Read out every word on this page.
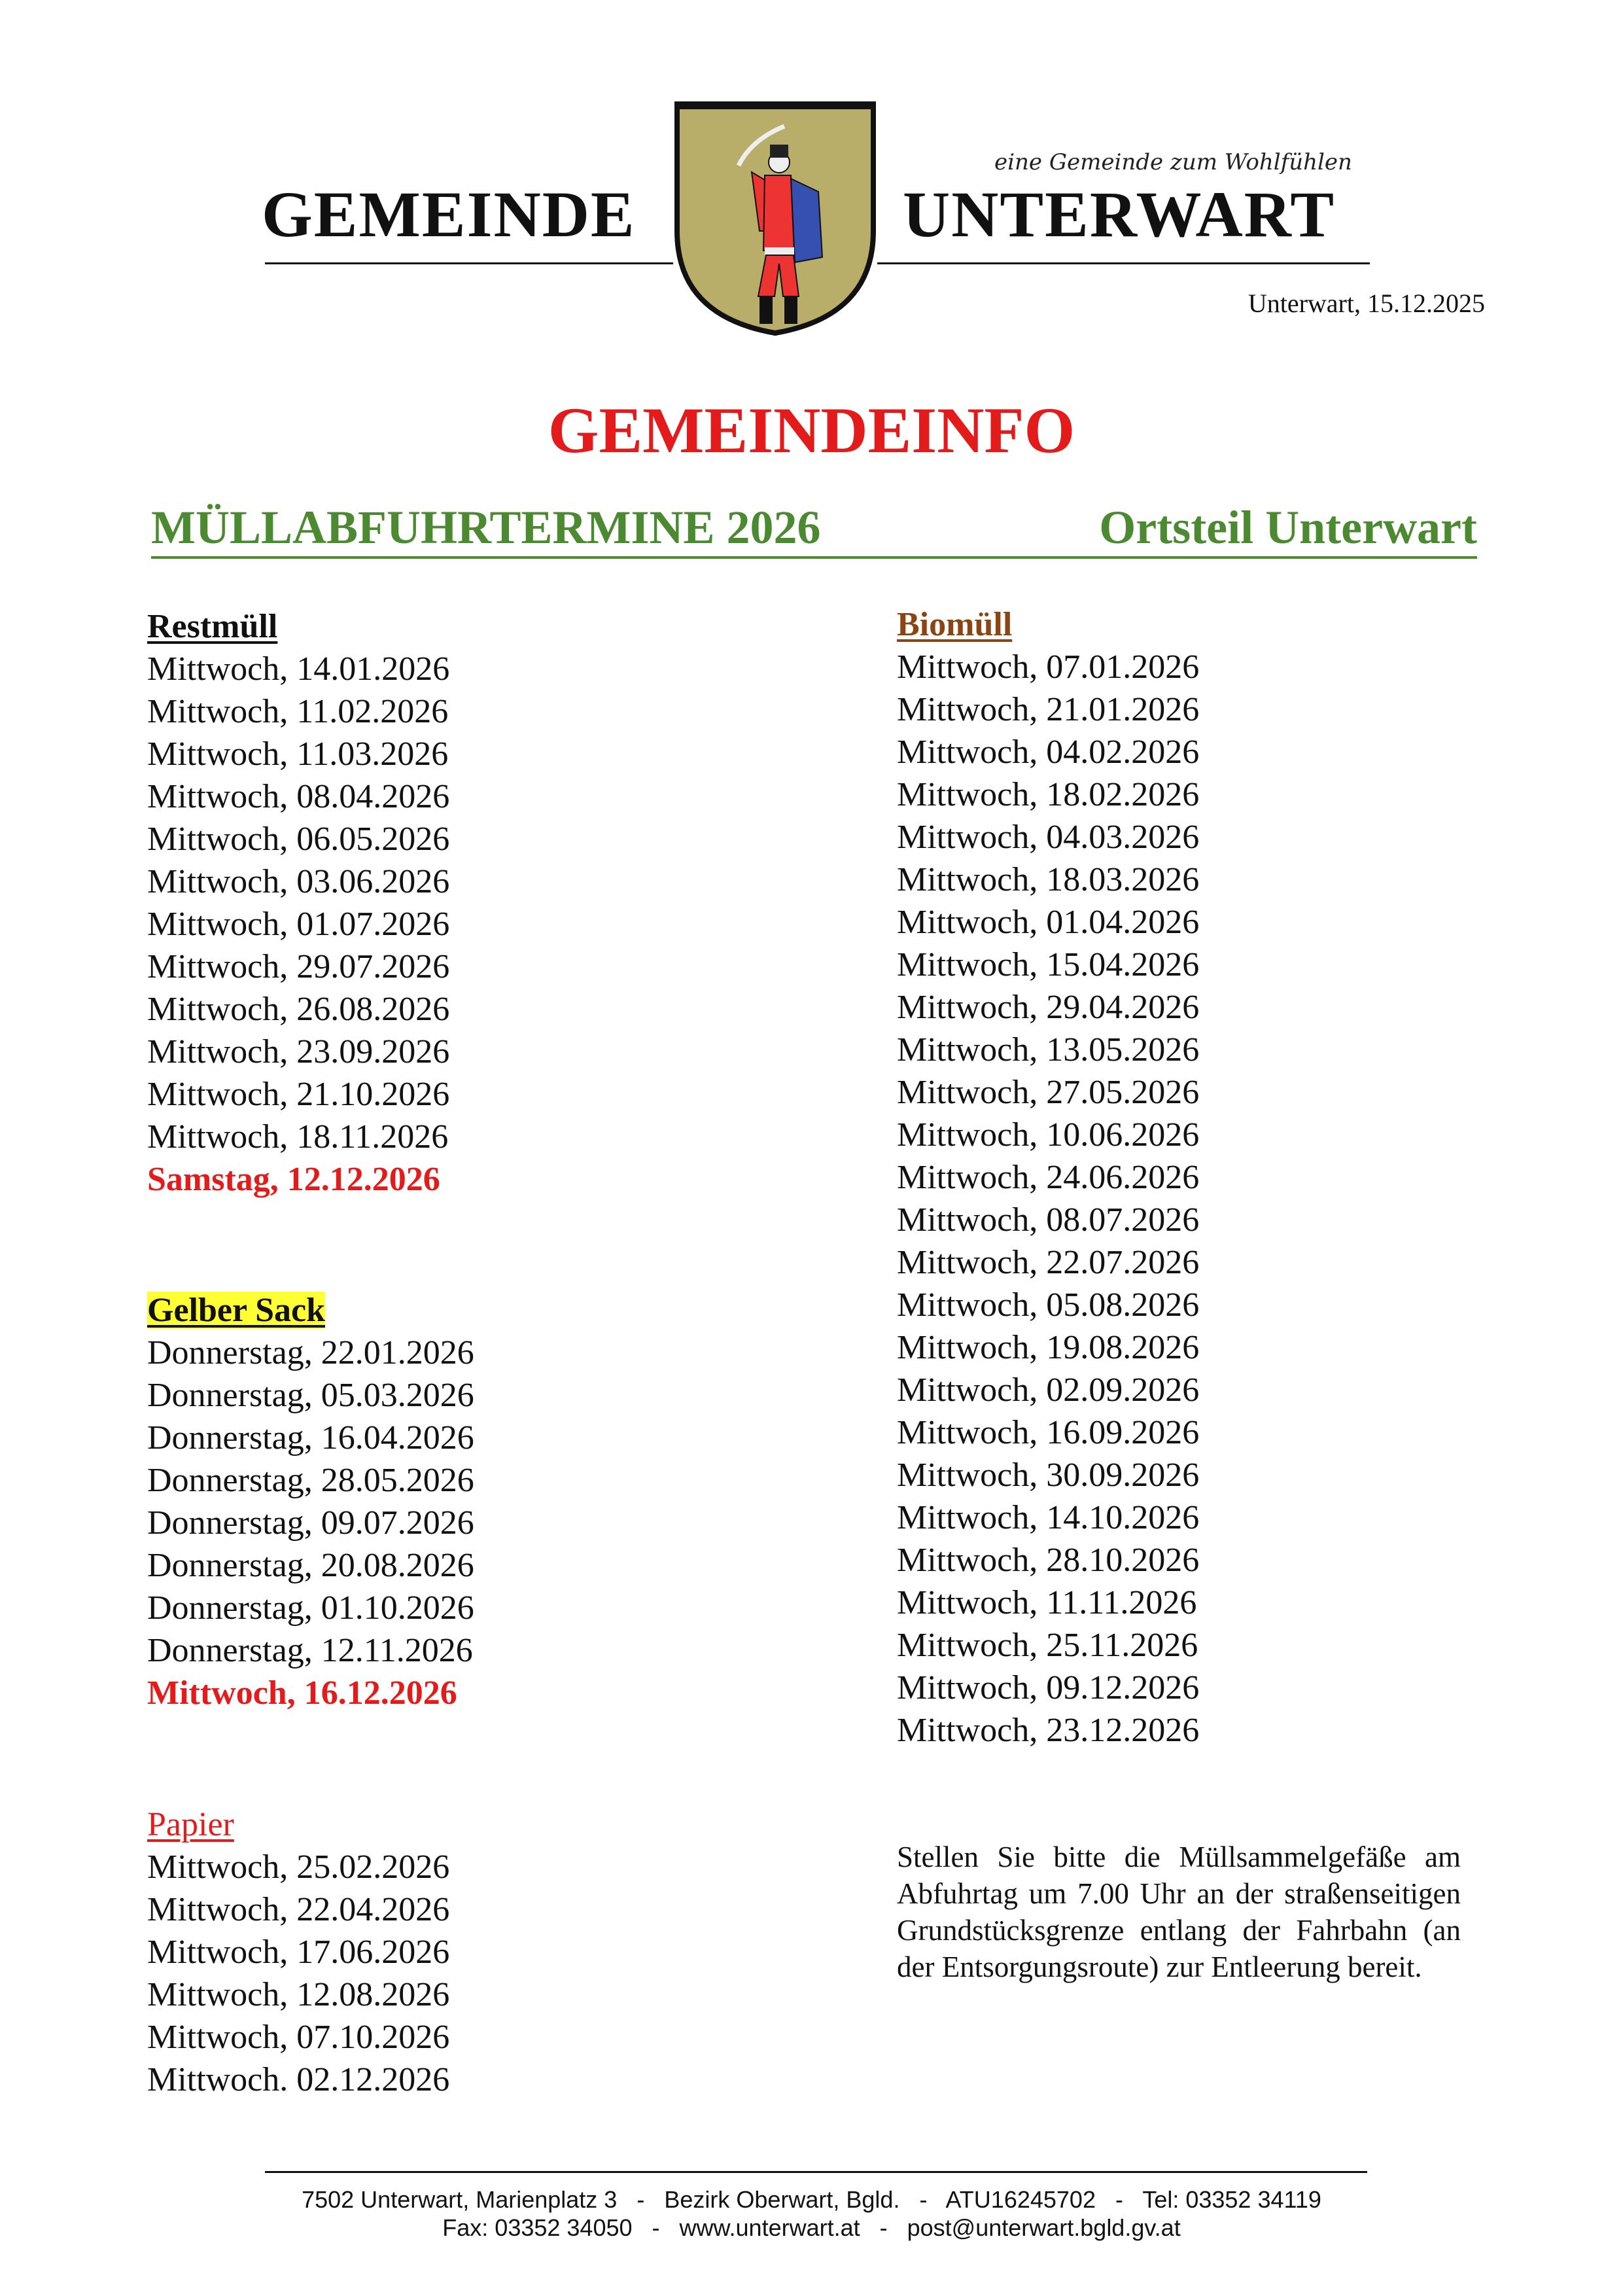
GEMEINDE	UNTERWART
eine Gemeinde zum Wohlfühlen
Unterwart, 15.12.2025
GEMEINDEINFO
MÜLLABFUHRTERMINE 2026	Ortsteil Unterwart
Restmüll
Mittwoch, 14.01.2026
Mittwoch, 11.02.2026
Mittwoch, 11.03.2026
Mittwoch, 08.04.2026
Mittwoch, 06.05.2026
Mittwoch, 03.06.2026
Mittwoch, 01.07.2026
Mittwoch, 29.07.2026
Mittwoch, 26.08.2026
Mittwoch, 23.09.2026
Mittwoch, 21.10.2026
Mittwoch, 18.11.2026
Samstag, 12.12.2026
Gelber Sack
Donnerstag, 22.01.2026
Donnerstag, 05.03.2026
Donnerstag, 16.04.2026
Donnerstag, 28.05.2026
Donnerstag, 09.07.2026
Donnerstag, 20.08.2026
Donnerstag, 01.10.2026
Donnerstag, 12.11.2026
Mittwoch, 16.12.2026
Papier
Mittwoch, 25.02.2026
Mittwoch, 22.04.2026
Mittwoch, 17.06.2026
Mittwoch, 12.08.2026
Mittwoch, 07.10.2026
Mittwoch. 02.12.2026
Biomüll
Mittwoch, 07.01.2026
Mittwoch, 21.01.2026
Mittwoch, 04.02.2026
Mittwoch, 18.02.2026
Mittwoch, 04.03.2026
Mittwoch, 18.03.2026
Mittwoch, 01.04.2026
Mittwoch, 15.04.2026
Mittwoch, 29.04.2026
Mittwoch, 13.05.2026
Mittwoch, 27.05.2026
Mittwoch, 10.06.2026
Mittwoch, 24.06.2026
Mittwoch, 08.07.2026
Mittwoch, 22.07.2026
Mittwoch, 05.08.2026
Mittwoch, 19.08.2026
Mittwoch, 02.09.2026
Mittwoch, 16.09.2026
Mittwoch, 30.09.2026
Mittwoch, 14.10.2026
Mittwoch, 28.10.2026
Mittwoch, 11.11.2026
Mittwoch, 25.11.2026
Mittwoch, 09.12.2026
Mittwoch, 23.12.2026
Stellen Sie bitte die Müllsammelgefäße am Abfuhrtag um 7.00 Uhr an der straßenseitigen Grundstücksgrenze entlang der Fahrbahn (an der Entsorgungsroute) zur Entleerung bereit.
7502 Unterwart, Marienplatz 3   -   Bezirk Oberwart, Bgld.   -   ATU16245702   -   Tel: 03352 34119
Fax: 03352 34050   -   www.unterwart.at   -   post@unterwart.bgld.gv.at
